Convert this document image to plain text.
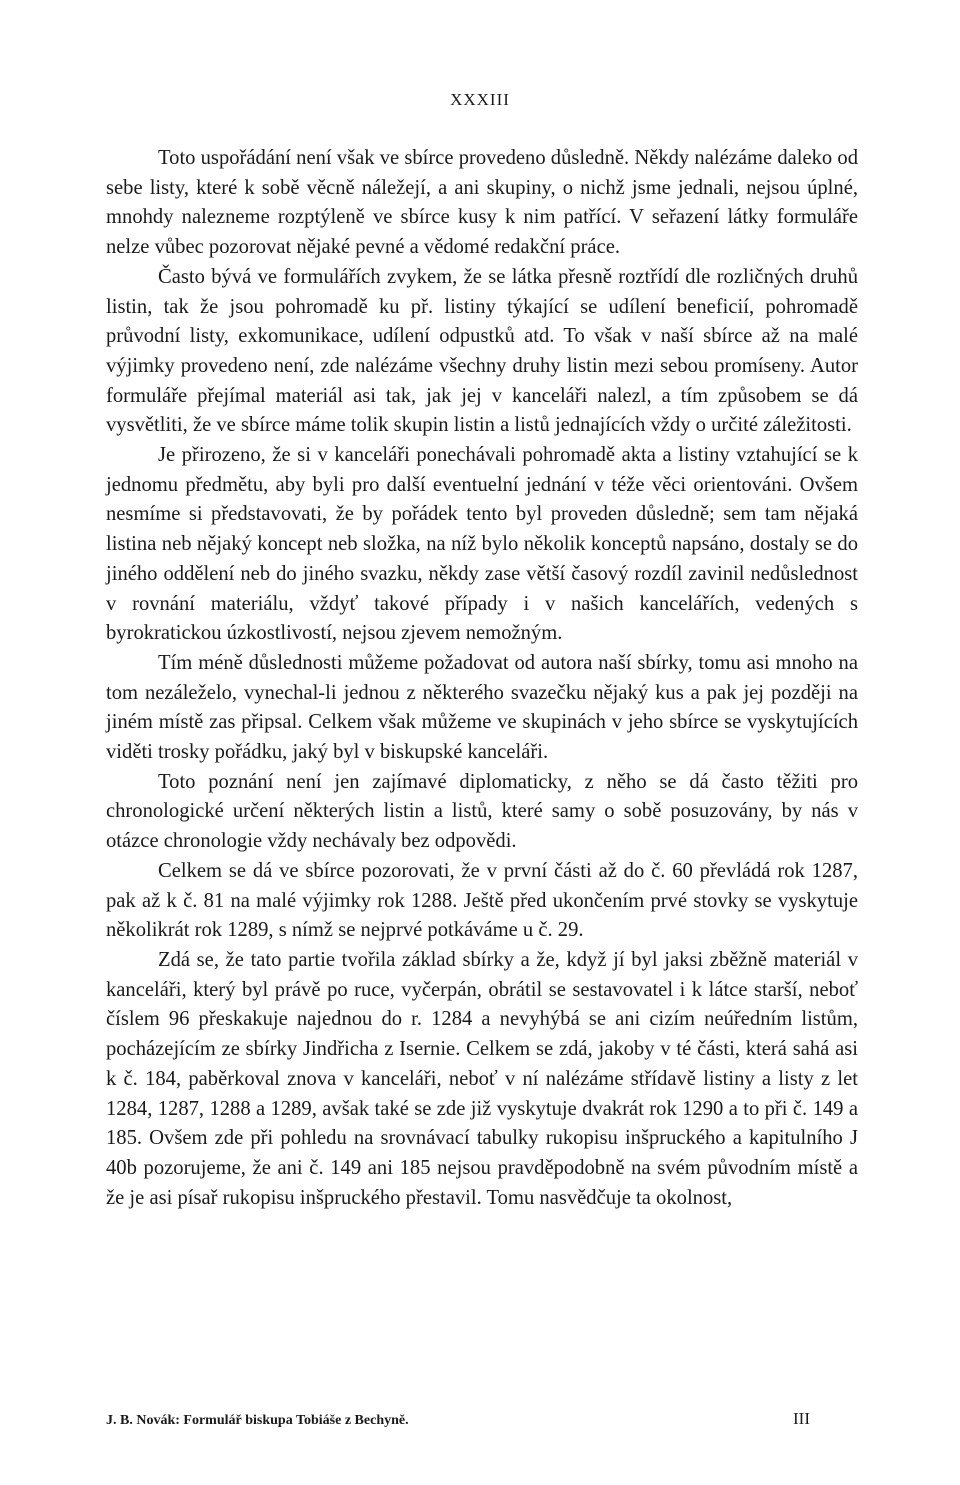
XXXIII

Toto uspořádání není však ve sbírce provedeno důsledně. Někdy nalézáme daleko od sebe listy, které k sobě věcně náležejí, a ani skupiny, o nichž jsme jednali, nejsou úplné, mnohdy nalezneme rozptýleně ve sbírce kusy k nim patřící. V seřazení látky formuláře nelze vůbec pozorovat nějaké pevné a vědomé redakční práce.

Často bývá ve formulářích zvykem, že se látka přesně roztřídí dle rozličných druhů listin, tak že jsou pohromadě ku př. listiny týkající se udílení beneficií, pohromadě průvodní listy, exkomunikace, udílení odpustků atd. To však v naší sbírce až na malé výjimky provedeno není, zde nalézáme všechny druhy listin mezi sebou promíseny. Autor formuláře přejímal materiál asi tak, jak jej v kanceláři nalezl, a tím způsobem se dá vysvětliti, že ve sbírce máme tolik skupin listin a listů jednajících vždy o určité záležitosti.

Je přirozeno, že si v kanceláři ponechávali pohromadě akta a listiny vztahující se k jednomu předmětu, aby byli pro další eventuelní jednání v téže věci orientováni. Ovšem nesmíme si představovati, že by pořádek tento byl proveden důsledně; sem tam nějaká listina neb nějaký koncept neb složka, na níž bylo několik konceptů napsáno, dostaly se do jiného oddělení neb do jiného svazku, někdy zase větší časový rozdíl zavinil nedůslednost v rovnání materiálu, vždyť takové případy i v našich kancelářích, vedených s byrokratickou úzkostlivostí, nejsou zjevem nemožným.

Tím méně důslednosti můžeme požadovat od autora naší sbírky, tomu asi mnoho na tom nezáleželo, vynechal-li jednou z některého svazečku nějaký kus a pak jej později na jiném místě zas připsal. Celkem však můžeme ve skupinách v jeho sbírce se vyskytujících viděti trosky pořádku, jaký byl v biskupské kanceláři.

Toto poznání není jen zajímavé diplomaticky, z něho se dá často těžiti pro chronologické určení některých listin a listů, které samy o sobě posuzovány, by nás v otázce chronologie vždy nechávaly bez odpovědi.

Celkem se dá ve sbírce pozorovati, že v první části až do č. 60 převládá rok 1287, pak až k č. 81 na malé výjimky rok 1288. Ještě před ukončením prvé stovky se vyskytuje několikrát rok 1289, s nímž se nejprvé potkáváme u č. 29.

Zdá se, že tato partie tvořila základ sbírky a že, když jí byl jaksi zběžně materiál v kanceláři, který byl právě po ruce, vyčerpán, obrátil se sestavovatel i k látce starší, neboť číslem 96 přeskakuje najednou do r. 1284 a nevyhýbá se ani cizím neúředním listům, pocházejícím ze sbírky Jindřicha z Isernie. Celkem se zdá, jakoby v té části, která sahá asi k č. 184, paběrkoval znova v kanceláři, neboť v ní nalézáme střídavě listiny a listy z let 1284, 1287, 1288 a 1289, avšak také se zde již vyskytuje dvakrát rok 1290 a to při č. 149 a 185. Ovšem zde při pohledu na srovnávací tabulky rukopisu inšpruckého a kapitulního J 40b pozorujeme, že ani č. 149 ani 185 nejsou pravděpodobně na svém původním místě a že je asi písař rukopisu inšpruckého přestavil. Tomu nasvědčuje ta okolnost,

J. B. Novák: Formulář biskupa Tobiáše z Bechyně.	III
